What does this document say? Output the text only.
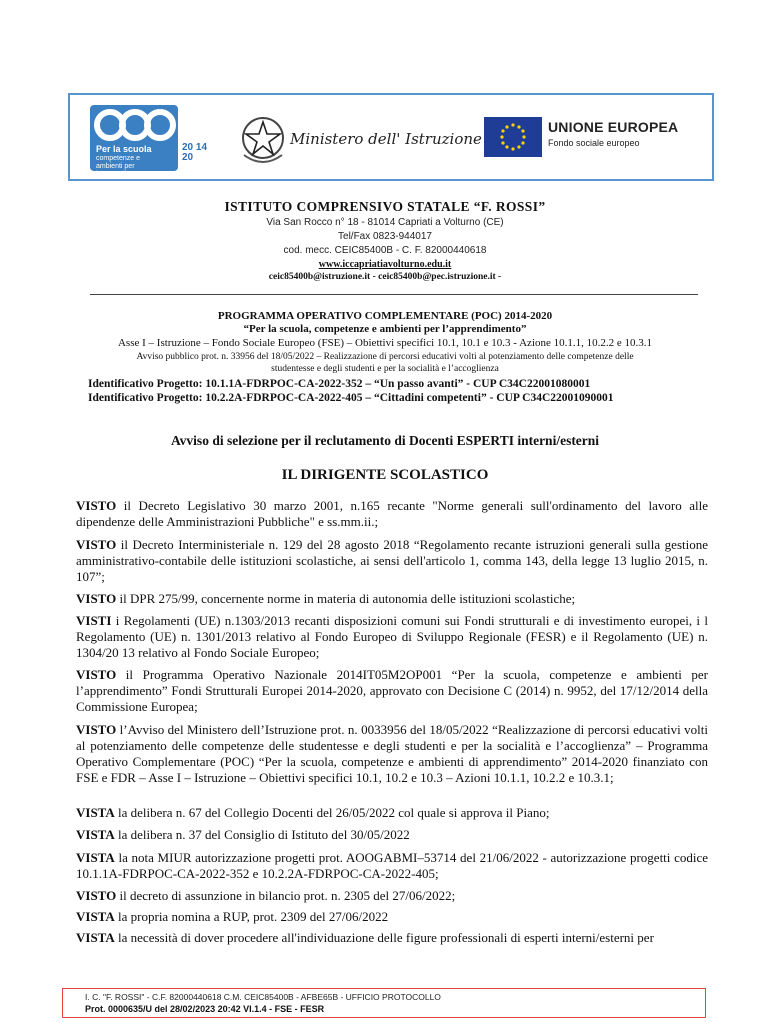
Per la scuola
competenze e ambienti per l'apprendimento
20 14
20
Ministero dell' Istruzione
UNIONE EUROPEA
Fondo sociale europeo
ISTITUTO COMPRENSIVO STATALE “F. ROSSI”
Via San Rocco n° 18 - 81014 Capriati a Volturno (CE)
Tel/Fax 0823-944017
cod. mecc. CEIC85400B - C. F. 82000440618
www.iccapriatiavolturno.edu.it
ceic85400b@istruzione.it - ceic85400b@pec.istruzione.it -
PROGRAMMA OPERATIVO COMPLEMENTARE (POC) 2014-2020
“Per la scuola, competenze e ambienti per l’apprendimento”
Asse I – Istruzione – Fondo Sociale Europeo (FSE) – Obiettivi specifici 10.1, 10.1 e 10.3 - Azione 10.1.1, 10.2.2 e 10.3.1
Avviso pubblico prot. n. 33956 del 18/05/2022 – Realizzazione di percorsi educativi volti al potenziamento delle competenze delle
studentesse e degli studenti e per la socialità e l’accoglienza
Identificativo Progetto: 10.1.1A-FDRPOC-CA-2022-352 – “Un passo avanti” - CUP C34C22001080001
Identificativo Progetto: 10.2.2A-FDRPOC-CA-2022-405 – “Cittadini competenti” - CUP C34C22001090001
Avviso di selezione per il reclutamento di Docenti ESPERTI interni/esterni
IL DIRIGENTE SCOLASTICO
VISTO il Decreto Legislativo 30 marzo 2001, n.165 recante "Norme generali sull'ordinamento del lavoro alle dipendenze delle Amministrazioni Pubbliche" e ss.mm.ii.;
VISTO il Decreto Interministeriale n. 129 del 28 agosto 2018 “Regolamento recante istruzioni generali sulla gestione amministrativo-contabile delle istituzioni scolastiche, ai sensi dell'articolo 1, comma 143, della legge 13 luglio 2015, n. 107”;
VISTO il DPR 275/99, concernente norme in materia di autonomia delle istituzioni scolastiche;
VISTI i Regolamenti (UE) n.1303/2013 recanti disposizioni comuni sui Fondi strutturali e di investimento europei, i l Regolamento (UE) n. 1301/2013 relativo al Fondo Europeo di Sviluppo Regionale (FESR) e il Regolamento (UE) n. 1304/20 13 relativo al Fondo Sociale Europeo;
VISTO il Programma Operativo Nazionale 2014IT05M2OP001 “Per la scuola, competenze e ambienti per l’apprendimento” Fondi Strutturali Europei 2014-2020, approvato con Decisione C (2014) n. 9952, del 17/12/2014 della Commissione Europea;
VISTO l’Avviso del Ministero dell’Istruzione prot. n. 0033956 del 18/05/2022 “Realizzazione di percorsi educativi volti al potenziamento delle competenze delle studentesse e degli studenti e per la socialità e l’accoglienza” – Programma Operativo Complementare (POC) “Per la scuola, competenze e ambienti di apprendimento” 2014-2020 finanziato con FSE e FDR – Asse I – Istruzione – Obiettivi specifici 10.1, 10.2 e 10.3 – Azioni 10.1.1, 10.2.2 e 10.3.1;
VISTA la delibera n. 67 del Collegio Docenti del 26/05/2022 col quale si approva il Piano;
VISTA la delibera n. 37 del Consiglio di Istituto del 30/05/2022
VISTA la nota MIUR autorizzazione progetti prot. AOOGABMI–53714 del 21/06/2022 - autorizzazione progetti codice 10.1.1A-FDRPOC-CA-2022-352 e 10.2.2A-FDRPOC-CA-2022-405;
VISTO il decreto di assunzione in bilancio prot. n. 2305 del 27/06/2022;
VISTA la propria nomina a RUP, prot. 2309 del 27/06/2022
VISTA la necessità di dover procedere all'individuazione delle figure professionali di esperti interni/esterni per
I. C. "F. ROSSI" - C.F. 82000440618 C.M. CEIC85400B - AFBE65B - UFFICIO PROTOCOLLO
Prot. 0000635/U del 28/02/2023 20:42 VI.1.4 - FSE - FESR
